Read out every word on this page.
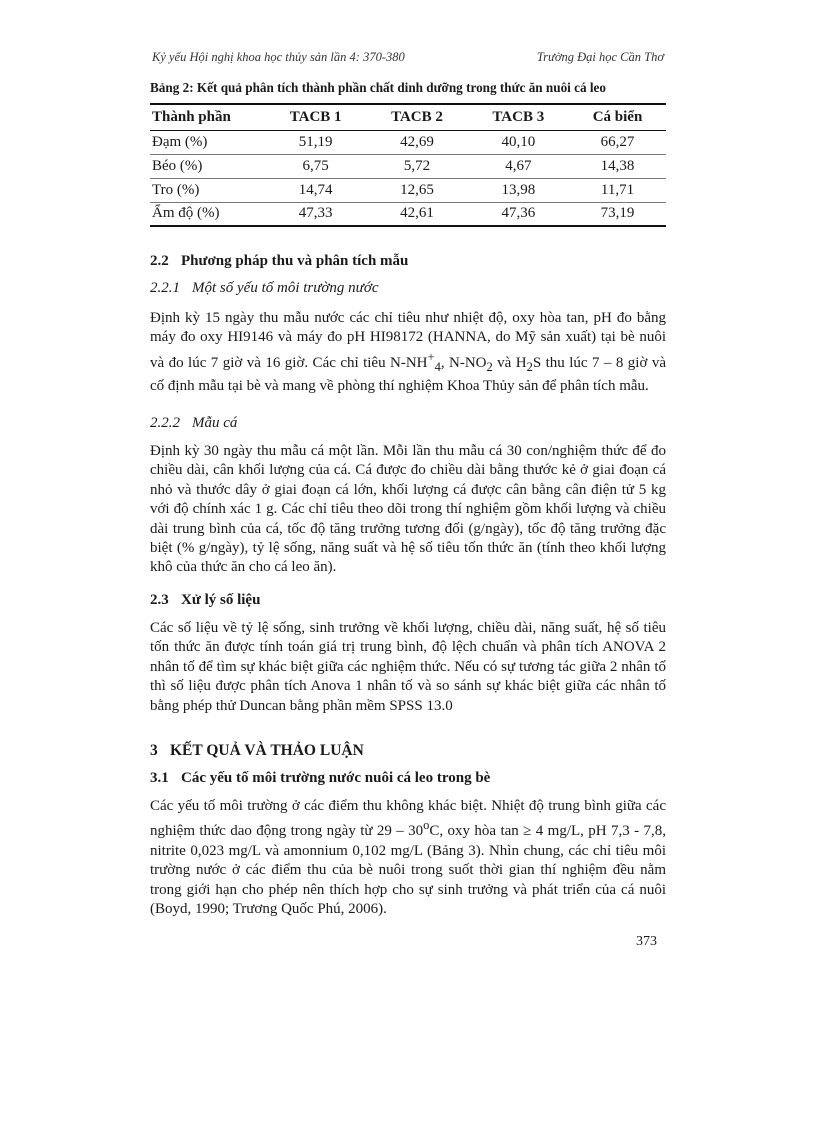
Kỷ yếu Hội nghị khoa học thủy sản lần 4: 370-380	Trường Đại học Cần Thơ
Bảng 2: Kết quả phân tích thành phần chất dinh dưỡng trong thức ăn nuôi cá leo
Thành phần	TACB 1	TACB 2	TACB 3	Cá biển
Đạm (%)	51,19	42,69	40,10	66,27
Béo (%)	6,75	5,72	4,67	14,38
Tro (%)	14,74	12,65	13,98	11,71
Ẩm độ (%)	47,33	42,61	47,36	73,19
2.2 Phương pháp thu và phân tích mẫu
2.2.1 Một số yếu tố môi trường nước

Định kỳ 15 ngày thu mẫu nước các chỉ tiêu như nhiệt độ, oxy hòa tan, pH đo bằng máy đo oxy HI9146 và máy đo pH HI98172 (HANNA, do Mỹ sản xuất) tại bè nuôi và đo lúc 7 giờ và 16 giờ. Các chỉ tiêu $N-NH^+_4$, $N-NO_2$ và $H_2S$ thu lúc 7 – 8 giờ và cố định mẫu tại bè và mang về phòng thí nghiệm Khoa Thủy sản để phân tích mẫu.

2.2.2 Mẫu cá

Định kỳ 30 ngày thu mẫu cá một lần. Mỗi lần thu mẫu cá 30 con/nghiệm thức để đo chiều dài, cân khối lượng của cá. Cá được đo chiều dài bằng thước kẻ ở giai đoạn cá nhỏ và thước dây ở giai đoạn cá lớn, khối lượng cá được cân bằng cân điện tử 5 kg với độ chính xác 1 g. Các chỉ tiêu theo dõi trong thí nghiệm gồm khối lượng và chiều dài trung bình của cá, tốc độ tăng trưởng tương đối (g/ngày), tốc độ tăng trưởng đặc biệt (% g/ngày), tỷ lệ sống, năng suất và hệ số tiêu tốn thức ăn (tính theo khối lượng khô của thức ăn cho cá leo ăn).

2.3 Xử lý số liệu

Các số liệu về tỷ lệ sống, sinh trưởng về khối lượng, chiều dài, năng suất, hệ số tiêu tốn thức ăn được tính toán giá trị trung bình, độ lệch chuẩn và phân tích ANOVA 2 nhân tố để tìm sự khác biệt giữa các nghiệm thức. Nếu có sự tương tác giữa 2 nhân tố thì số liệu được phân tích Anova 1 nhân tố và so sánh sự khác biệt giữa các nhân tố bằng phép thử Duncan bằng phần mềm SPSS 13.0

3 KẾT QUẢ VÀ THẢO LUẬN
3.1 Các yếu tố môi trường nước nuôi cá leo trong bè

Các yếu tố môi trường ở các điểm thu không khác biệt. Nhiệt độ trung bình giữa các nghiệm thức dao động trong ngày từ 29 – 30$^o$C, oxy hòa tan ≥ 4 mg/L, pH 7,3 - 7,8, nitrite 0,023 mg/L và amonnium 0,102 mg/L (Bảng 3). Nhìn chung, các chỉ tiêu môi trường nước ở các điểm thu của bè nuôi trong suốt thời gian thí nghiệm đều nằm trong giới hạn cho phép nên thích hợp cho sự sinh trưởng và phát triển của cá nuôi (Boyd, 1990; Trương Quốc Phú, 2006).

373
